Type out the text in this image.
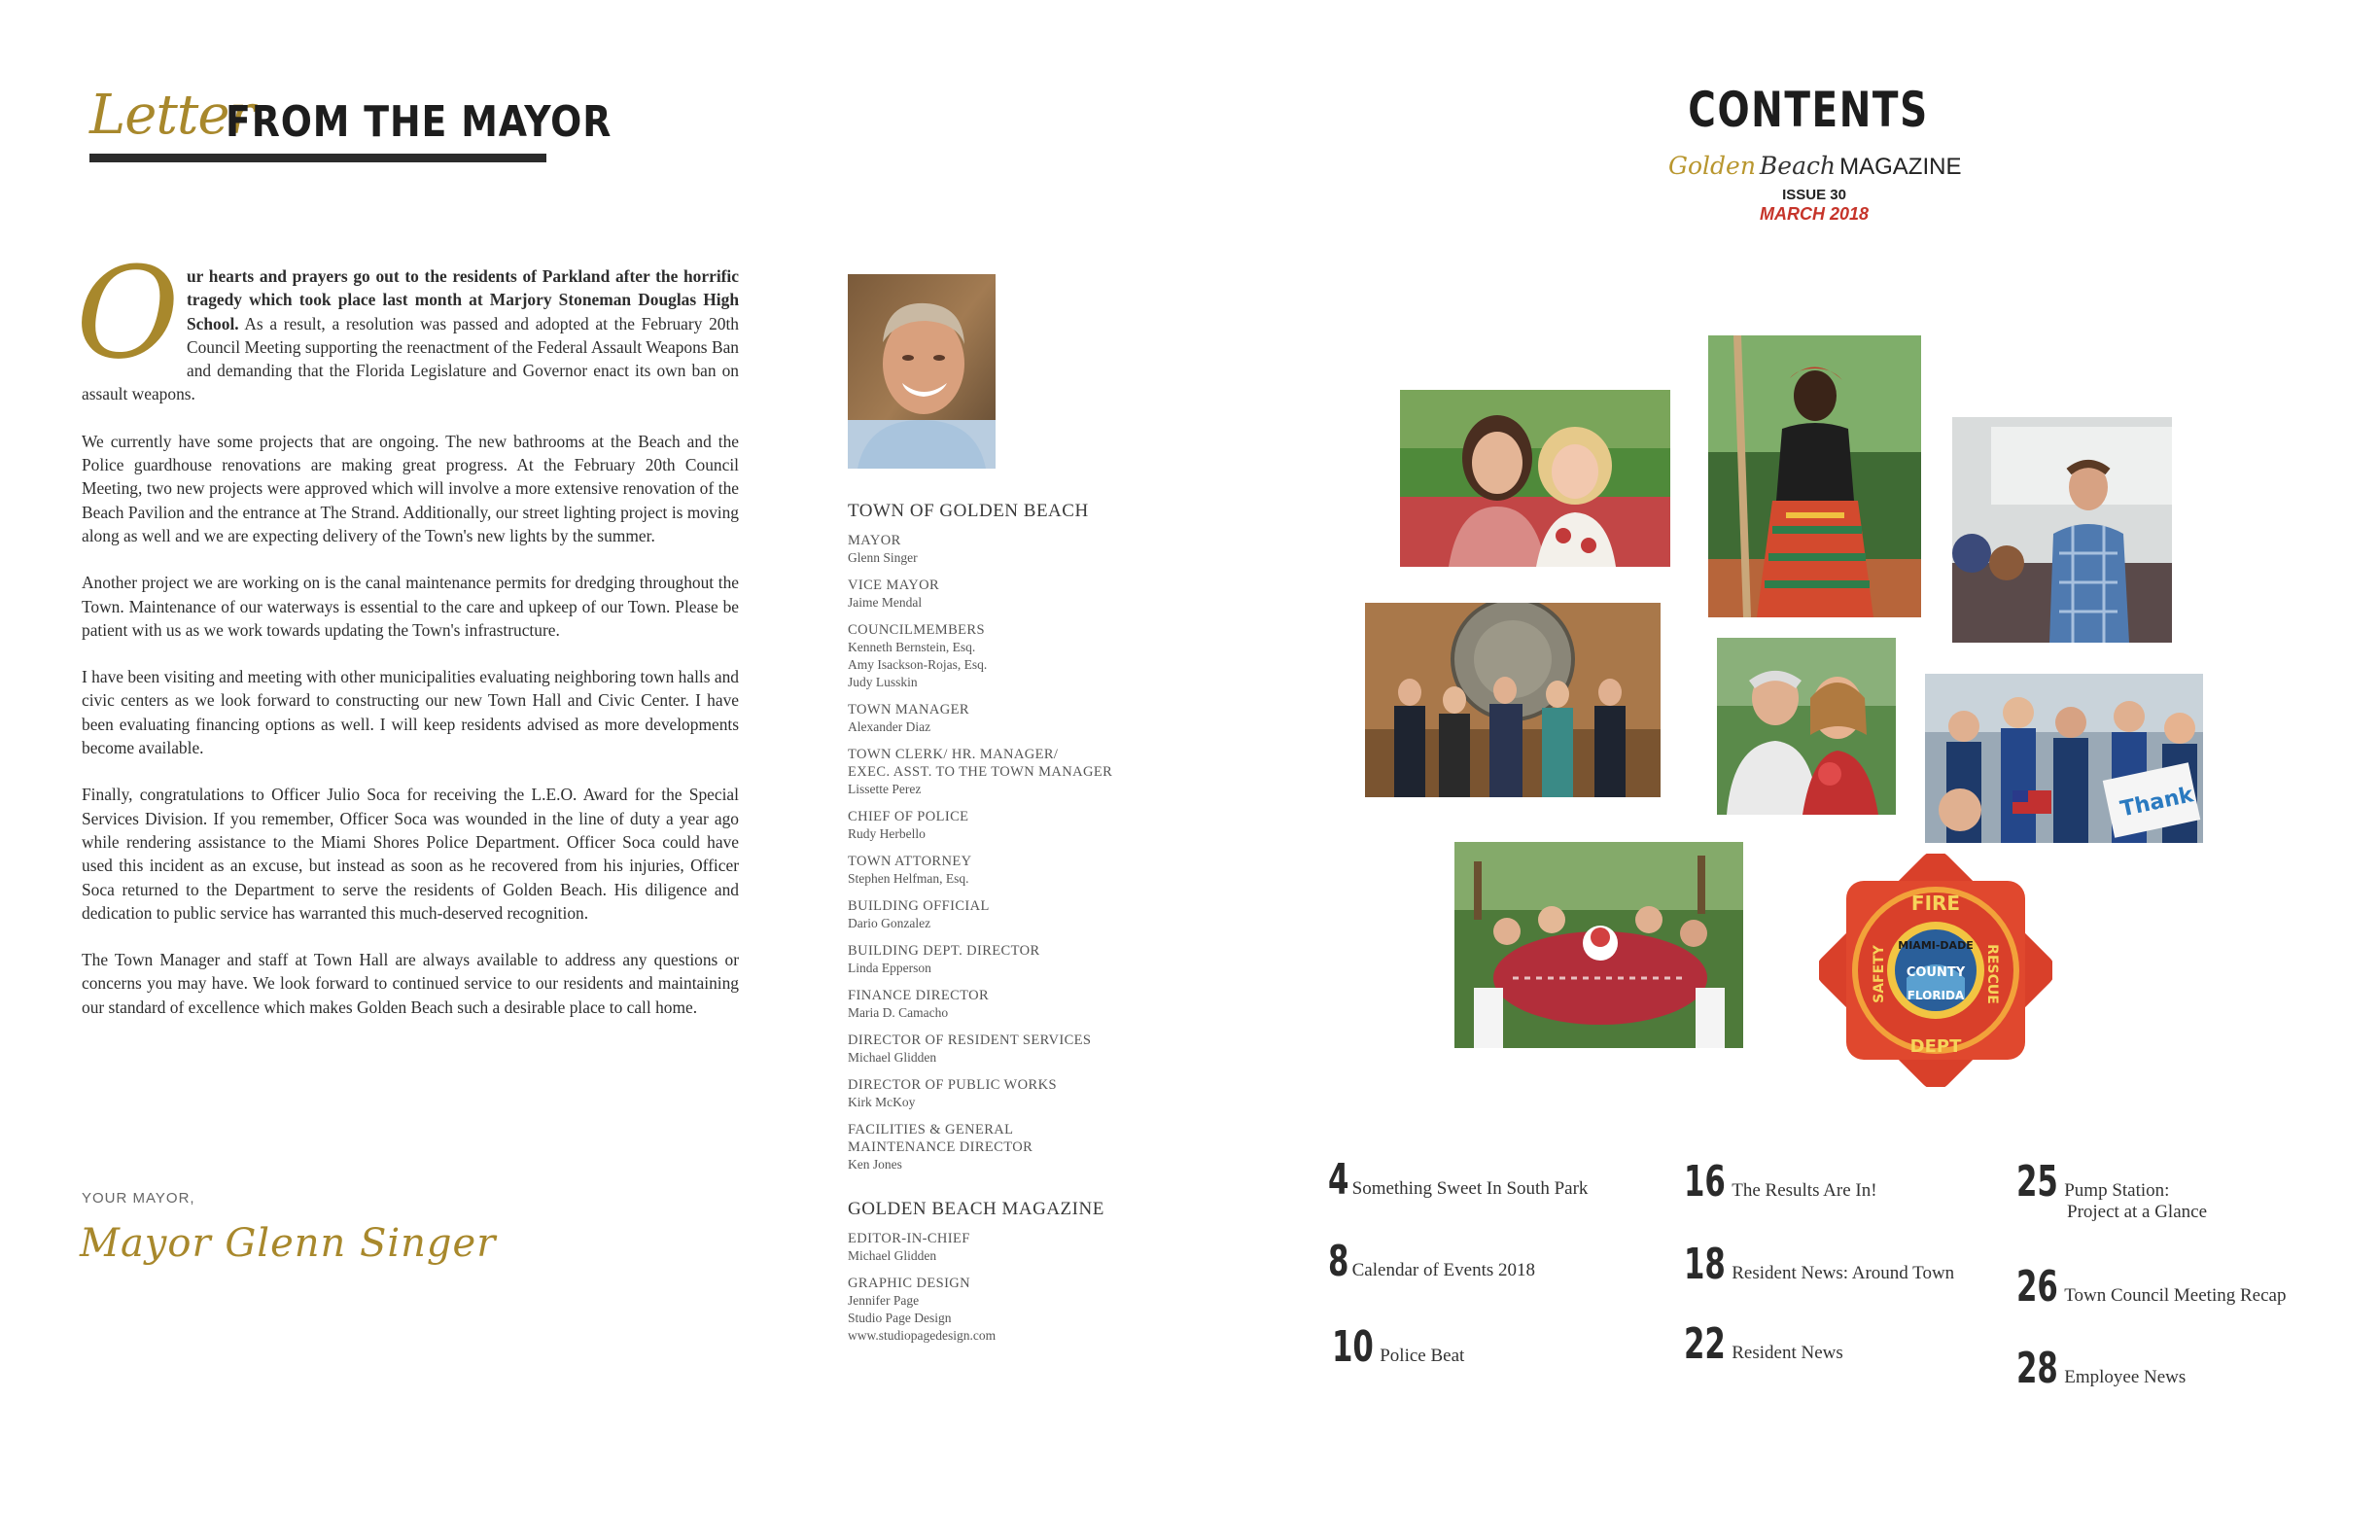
Letter
FROM THE MAYOR

Our hearts and prayers go out to the residents of Parkland after the horrific tragedy which took place last month at Marjory Stoneman Douglas High School. As a result, a resolution was passed and adopted at the February 20th Council Meeting supporting the reenactment of the Federal Assault Weapons Ban and demanding that the Florida Legislature and Governor enact its own ban on assault weapons.

We currently have some projects that are ongoing. The new bathrooms at the Beach and the Police guardhouse renovations are making great progress. At the February 20th Council Meeting, two new projects were approved which will involve a more extensive renovation of the Beach Pavilion and the entrance at The Strand. Additionally, our street lighting project is moving along as well and we are expecting delivery of the Town's new lights by the summer.

Another project we are working on is the canal maintenance permits for dredging throughout the Town. Maintenance of our waterways is essential to the care and upkeep of our Town. Please be patient with us as we work towards updating the Town's infrastructure.

I have been visiting and meeting with other municipalities evaluating neighboring town halls and civic centers as we look forward to constructing our new Town Hall and Civic Center. I have been evaluating financing options as well. I will keep residents advised as more developments become available.

Finally, congratulations to Officer Julio Soca for receiving the L.E.O. Award for the Special Services Division. If you remember, Officer Soca was wounded in the line of duty a year ago while rendering assistance to the Miami Shores Police Department. Officer Soca could have used this incident as an excuse, but instead as soon as he recovered from his injuries, Officer Soca returned to the Department to serve the residents of Golden Beach. His diligence and dedication to public service has warranted this much-deserved recognition.

The Town Manager and staff at Town Hall are always available to address any questions or concerns you may have. We look forward to continued service to our residents and maintaining our standard of excellence which makes Golden Beach such a desirable place to call home.

YOUR MAYOR,
Mayor Glenn Singer
TOWN OF GOLDEN BEACH
MAYOR
Glenn Singer
VICE MAYOR
Jaime Mendal
COUNCILMEMBERS
Kenneth Bernstein, Esq.
Amy Isackson-Rojas, Esq.
Judy Lusskin
TOWN MANAGER
Alexander Diaz
TOWN CLERK/ HR. MANAGER/
EXEC. ASST. TO THE TOWN MANAGER
Lissette Perez
CHIEF OF POLICE
Rudy Herbello
TOWN ATTORNEY
Stephen Helfman, Esq.
BUILDING OFFICIAL
Dario Gonzalez
BUILDING DEPT. DIRECTOR
Linda Epperson
FINANCE DIRECTOR
Maria D. Camacho
DIRECTOR OF RESIDENT SERVICES
Michael Glidden
DIRECTOR OF PUBLIC WORKS
Kirk McKoy
FACILITIES & GENERAL
MAINTENANCE DIRECTOR
Ken Jones
GOLDEN BEACH MAGAZINE
EDITOR-IN-CHIEF
Michael Glidden
GRAPHIC DESIGN
Jennifer Page
Studio Page Design
www.studiopagedesign.com
CONTENTS
Golden Beach MAGAZINE
ISSUE 30
MARCH 2018
Thank
FIRE
DEPT
SAFETY	RESCUE
MIAMI-DADE
COUNTY
FLORIDA
4 Something Sweet In South Park
8 Calendar of Events 2018
10 Police Beat
16 The Results Are In!
18 Resident News: Around Town
22 Resident News
25 Pump Station:
Project at a Glance
26 Town Council Meeting Recap
28 Employee News
